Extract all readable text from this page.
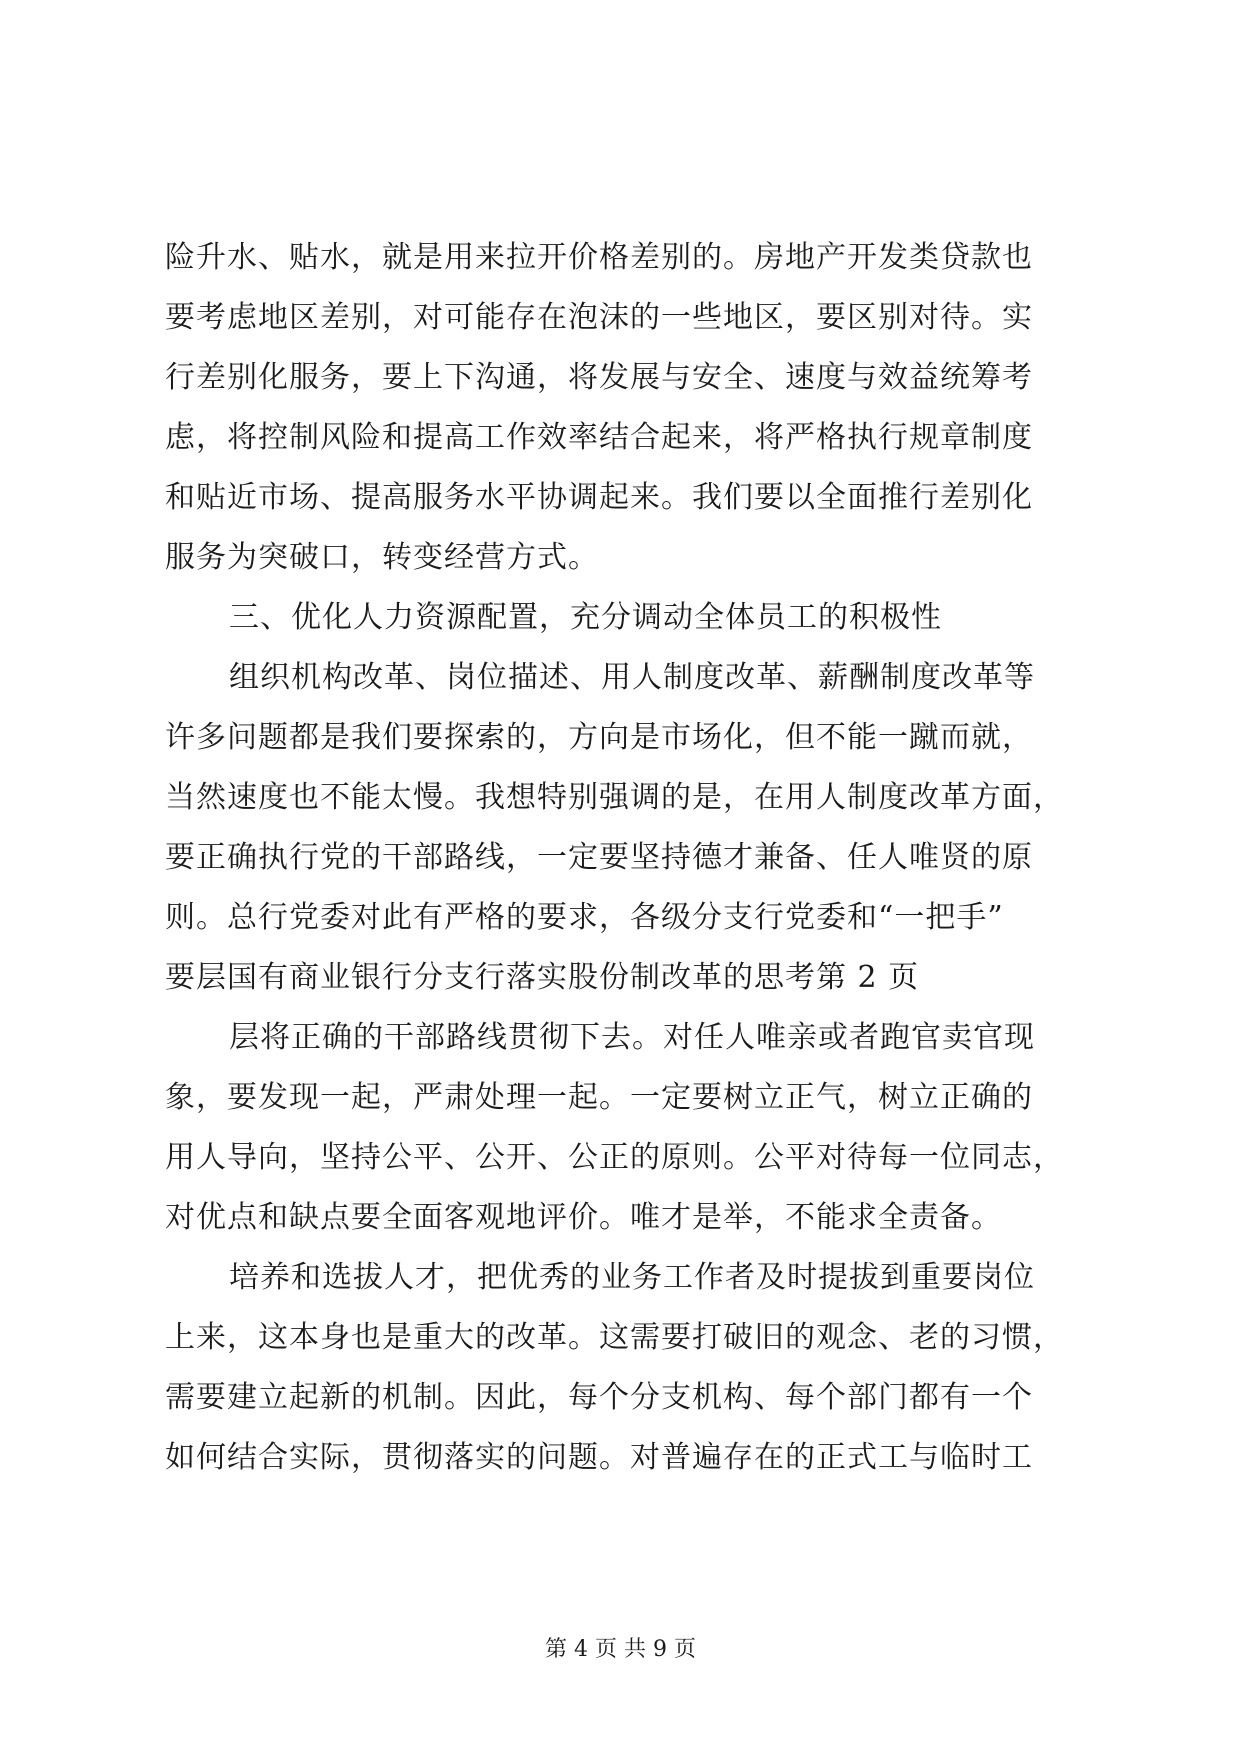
险升水、贴水，就是用来拉开价格差别的。房地产开发类贷款也
要考虑地区差别，对可能存在泡沫的一些地区，要区别对待。实
行差别化服务，要上下沟通，将发展与安全、速度与效益统筹考
虑，将控制风险和提高工作效率结合起来，将严格执行规章制度
和贴近市场、提高服务水平协调起来。我们要以全面推行差别化
服务为突破口，转变经营方式。
三、优化人力资源配置，充分调动全体员工的积极性
组织机构改革、岗位描述、用人制度改革、薪酬制度改革等
许多问题都是我们要探索的，方向是市场化，但不能一蹴而就，
当然速度也不能太慢。我想特别强调的是，在用人制度改革方面，
要正确执行党的干部路线，一定要坚持德才兼备、任人唯贤的原
则。总行党委对此有严格的要求，各级分支行党委和“一把手”
要层国有商业银行分支行落实股份制改革的思考第 2 页
层将正确的干部路线贯彻下去。对任人唯亲或者跑官卖官现
象，要发现一起，严肃处理一起。一定要树立正气，树立正确的
用人导向，坚持公平、公开、公正的原则。公平对待每一位同志，
对优点和缺点要全面客观地评价。唯才是举，不能求全责备。
培养和选拔人才，把优秀的业务工作者及时提拔到重要岗位
上来，这本身也是重大的改革。这需要打破旧的观念、老的习惯，
需要建立起新的机制。因此，每个分支机构、每个部门都有一个
如何结合实际，贯彻落实的问题。对普遍存在的正式工与临时工
第 4 页 共 9 页
